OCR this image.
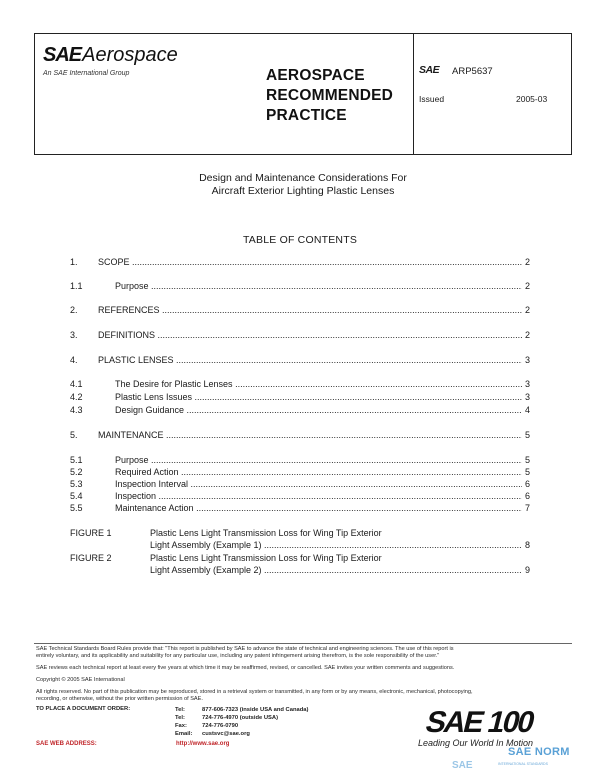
SAEAerospace
An SAE International Group	AEROSPACE
RECOMMENDED
PRACTICE
SAE ARP5637
Issued	2005-03
Design and Maintenance Considerations For
Aircraft Exterior Lighting Plastic Lenses
TABLE OF CONTENTS
1. SCOPE .....	2
1.1	Purpose .....	2
2. REFERENCES .....	2
3. DEFINITIONS .....	2
4. PLASTIC LENSES .....	3
4.1	The Desire for Plastic Lenses .....	3
4.2	Plastic Lens Issues .....	3
4.3	Design Guidance .....	4
5. MAINTENANCE .....	5
5.1	Purpose .....	5
5.2	Required Action .....	5
5.3	Inspection Interval .....	6
5.4	Inspection .....	6
5.5	Maintenance Action .....	7
FIGURE 1	Plastic Lens Light Transmission Loss for Wing Tip Exterior
Light Assembly (Example 1) .....	8
FIGURE 2	Plastic Lens Light Transmission Loss for Wing Tip Exterior
Light Assembly (Example 2) .....	9
SAE Technical Standards Board Rules provide that: "This report is published by SAE to advance the state of technical and engineering sciences. The use of this report is
entirely voluntary, and its applicability and suitability for any particular use, including any patent infringement arising therefrom, is the sole responsibility of the user."
SAE reviews each technical report at least every five years at which time it may be reaffirmed, revised, or cancelled. SAE invites your written comments and suggestions.
Copyright © 2005 SAE International
All rights reserved. No part of this publication may be reproduced, stored in a retrieval system or transmitted, in any form or by any means, electronic, mechanical, photocopying,
recording, or otherwise, without the prior written permission of SAE.
TO PLACE A DOCUMENT ORDER:	Tel:	877-606-7323 (inside USA and Canada)
Tel:	724-776-4970 (outside USA)
Fax:	724-776-0790
Email: custsvc@sae.org
SAE WEB ADDRESS:	http://www.sae.org
SAE 100
SAE
Leading Our World In Motion
SAE NORM
INTERNATIONAL STANDARDS
